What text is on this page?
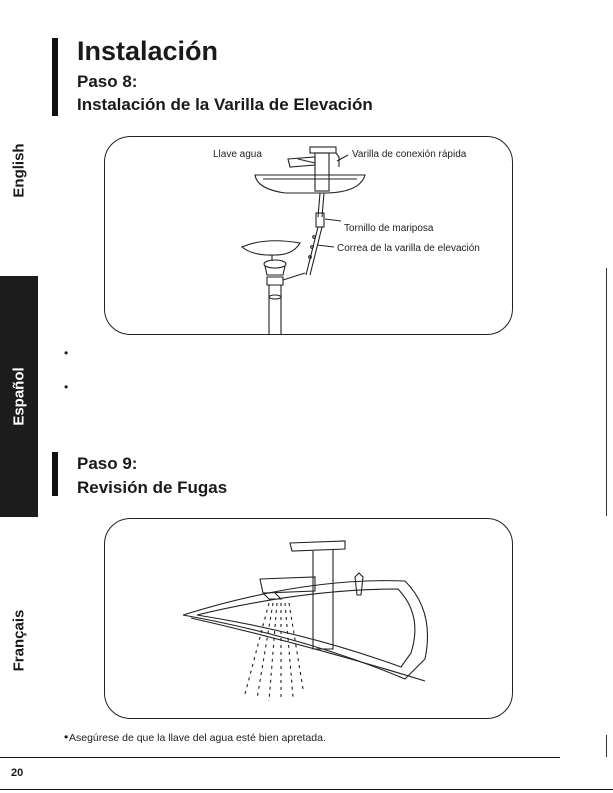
English
Español
Français
Instalación
Paso 8:
Instalación de la Varilla de Elevación
Llave agua	Varilla de conexión rápida
Tornillo de mariposa
Correa de la varilla de elevación
•
•
Paso 9:
Revisión de Fugas
• Asegúrese de que la llave del agua esté bien apretada.
20
